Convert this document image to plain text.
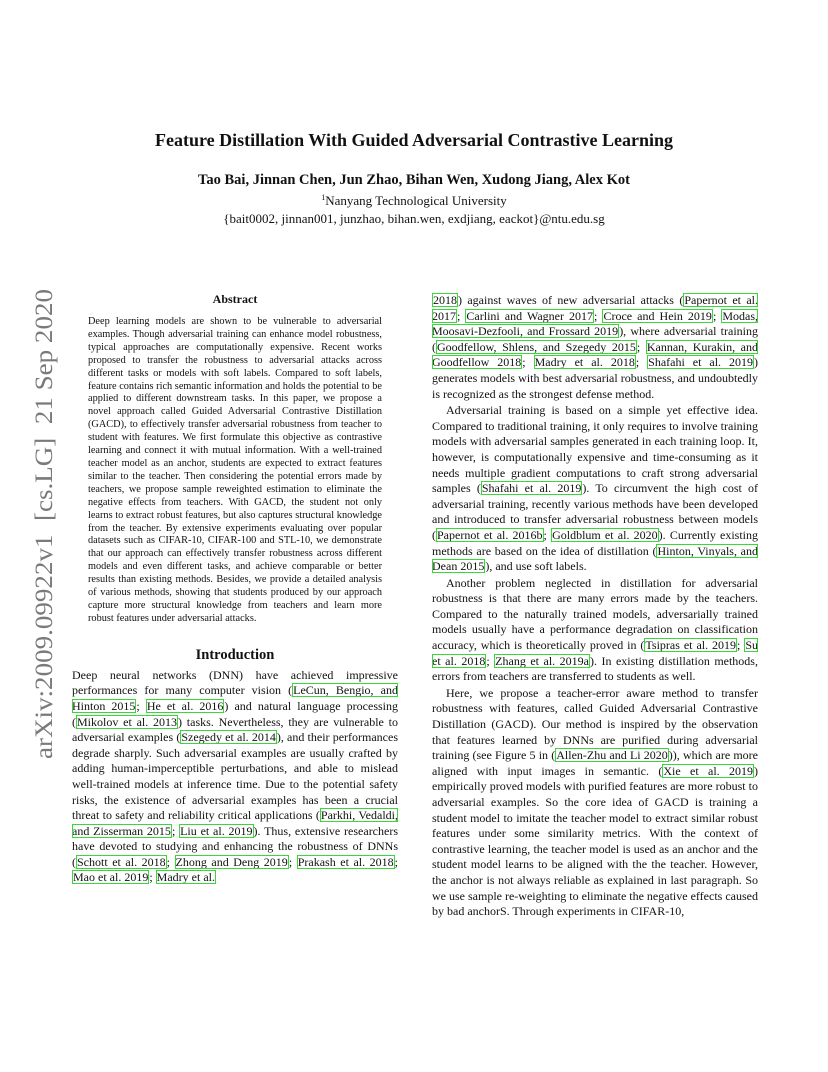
arXiv:2009.09922v1  [cs.LG]  21 Sep 2020
Feature Distillation With Guided Adversarial Contrastive Learning
Tao Bai, Jinnan Chen, Jun Zhao, Bihan Wen, Xudong Jiang, Alex Kot
$^1$Nanyang Technological University
{bait0002, jinnan001, junzhao, bihan.wen, exdjiang, eackot}@ntu.edu.sg
Abstract

Deep learning models are shown to be vulnerable to adversarial examples. Though adversarial training can enhance model robustness, typical approaches are computationally expensive. Recent works proposed to transfer the robustness to adversarial attacks across different tasks or models with soft labels. Compared to soft labels, feature contains rich semantic information and holds the potential to be applied to different downstream tasks. In this paper, we propose a novel approach called Guided Adversarial Contrastive Distillation (GACD), to effectively transfer adversarial robustness from teacher to student with features. We first formulate this objective as contrastive learning and connect it with mutual information. With a well-trained teacher model as an anchor, students are expected to extract features similar to the teacher. Then considering the potential errors made by teachers, we propose sample reweighted estimation to eliminate the negative effects from teachers. With GACD, the student not only learns to extract robust features, but also captures structural knowledge from the teacher. By extensive experiments evaluating over popular datasets such as CIFAR-10, CIFAR-100 and STL-10, we demonstrate that our approach can effectively transfer robustness across different models and even different tasks, and achieve comparable or better results than existing methods. Besides, we provide a detailed analysis of various methods, showing that students produced by our approach capture more structural knowledge from teachers and learn more robust features under adversarial attacks.

Introduction

Deep neural networks (DNN) have achieved impressive performances for many computer vision (LeCun, Bengio, and Hinton 2015; He et al. 2016) and natural language processing (Mikolov et al. 2013) tasks. Nevertheless, they are vulnerable to adversarial examples (Szegedy et al. 2014), and their performances degrade sharply. Such adversarial examples are usually crafted by adding human-imperceptible perturbations, and able to mislead well-trained models at inference time. Due to the potential safety risks, the existence of adversarial examples has been a crucial threat to safety and reliability critical applications (Parkhi, Vedaldi, and Zisserman 2015; Liu et al. 2019). Thus, extensive researchers have devoted to studying and enhancing the robustness of DNNs (Schott et al. 2018; Zhong and Deng 2019; Prakash et al. 2018; Mao et al. 2019; Madry et al.

2018) against waves of new adversarial attacks (Papernot et al. 2017; Carlini and Wagner 2017; Croce and Hein 2019; Modas, Moosavi-Dezfooli, and Frossard 2019), where adversarial training (Goodfellow, Shlens, and Szegedy 2015; Kannan, Kurakin, and Goodfellow 2018; Madry et al. 2018; Shafahi et al. 2019) generates models with best adversarial robustness, and undoubtedly is recognized as the strongest defense method.

Adversarial training is based on a simple yet effective idea. Compared to traditional training, it only requires to involve training models with adversarial samples generated in each training loop. It, however, is computationally expensive and time-consuming as it needs multiple gradient computations to craft strong adversarial samples (Shafahi et al. 2019). To circumvent the high cost of adversarial training, recently various methods have been developed and introduced to transfer adversarial robustness between models (Papernot et al. 2016b; Goldblum et al. 2020). Currently existing methods are based on the idea of distillation (Hinton, Vinyals, and Dean 2015), and use soft labels.

Another problem neglected in distillation for adversarial robustness is that there are many errors made by the teachers. Compared to the naturally trained models, adversarially trained models usually have a performance degradation on classification accuracy, which is theoretically proved in (Tsipras et al. 2019; Su et al. 2018; Zhang et al. 2019a). In existing distillation methods, errors from teachers are transferred to students as well.

Here, we propose a teacher-error aware method to transfer robustness with features, called Guided Adversarial Contrastive Distillation (GACD). Our method is inspired by the observation that features learned by DNNs are purified during adversarial training (see Figure 5 in (Allen-Zhu and Li 2020)), which are more aligned with input images in semantic. (Xie et al. 2019) empirically proved models with purified features are more robust to adversarial examples. So the core idea of GACD is training a student model to imitate the teacher model to extract similar robust features under some similarity metrics. With the context of contrastive learning, the teacher model is used as an anchor and the student model learns to be aligned with the the teacher. However, the anchor is not always reliable as explained in last paragraph. So we use sample re-weighting to eliminate the negative effects caused by bad anchorS. Through experiments in CIFAR-10,
